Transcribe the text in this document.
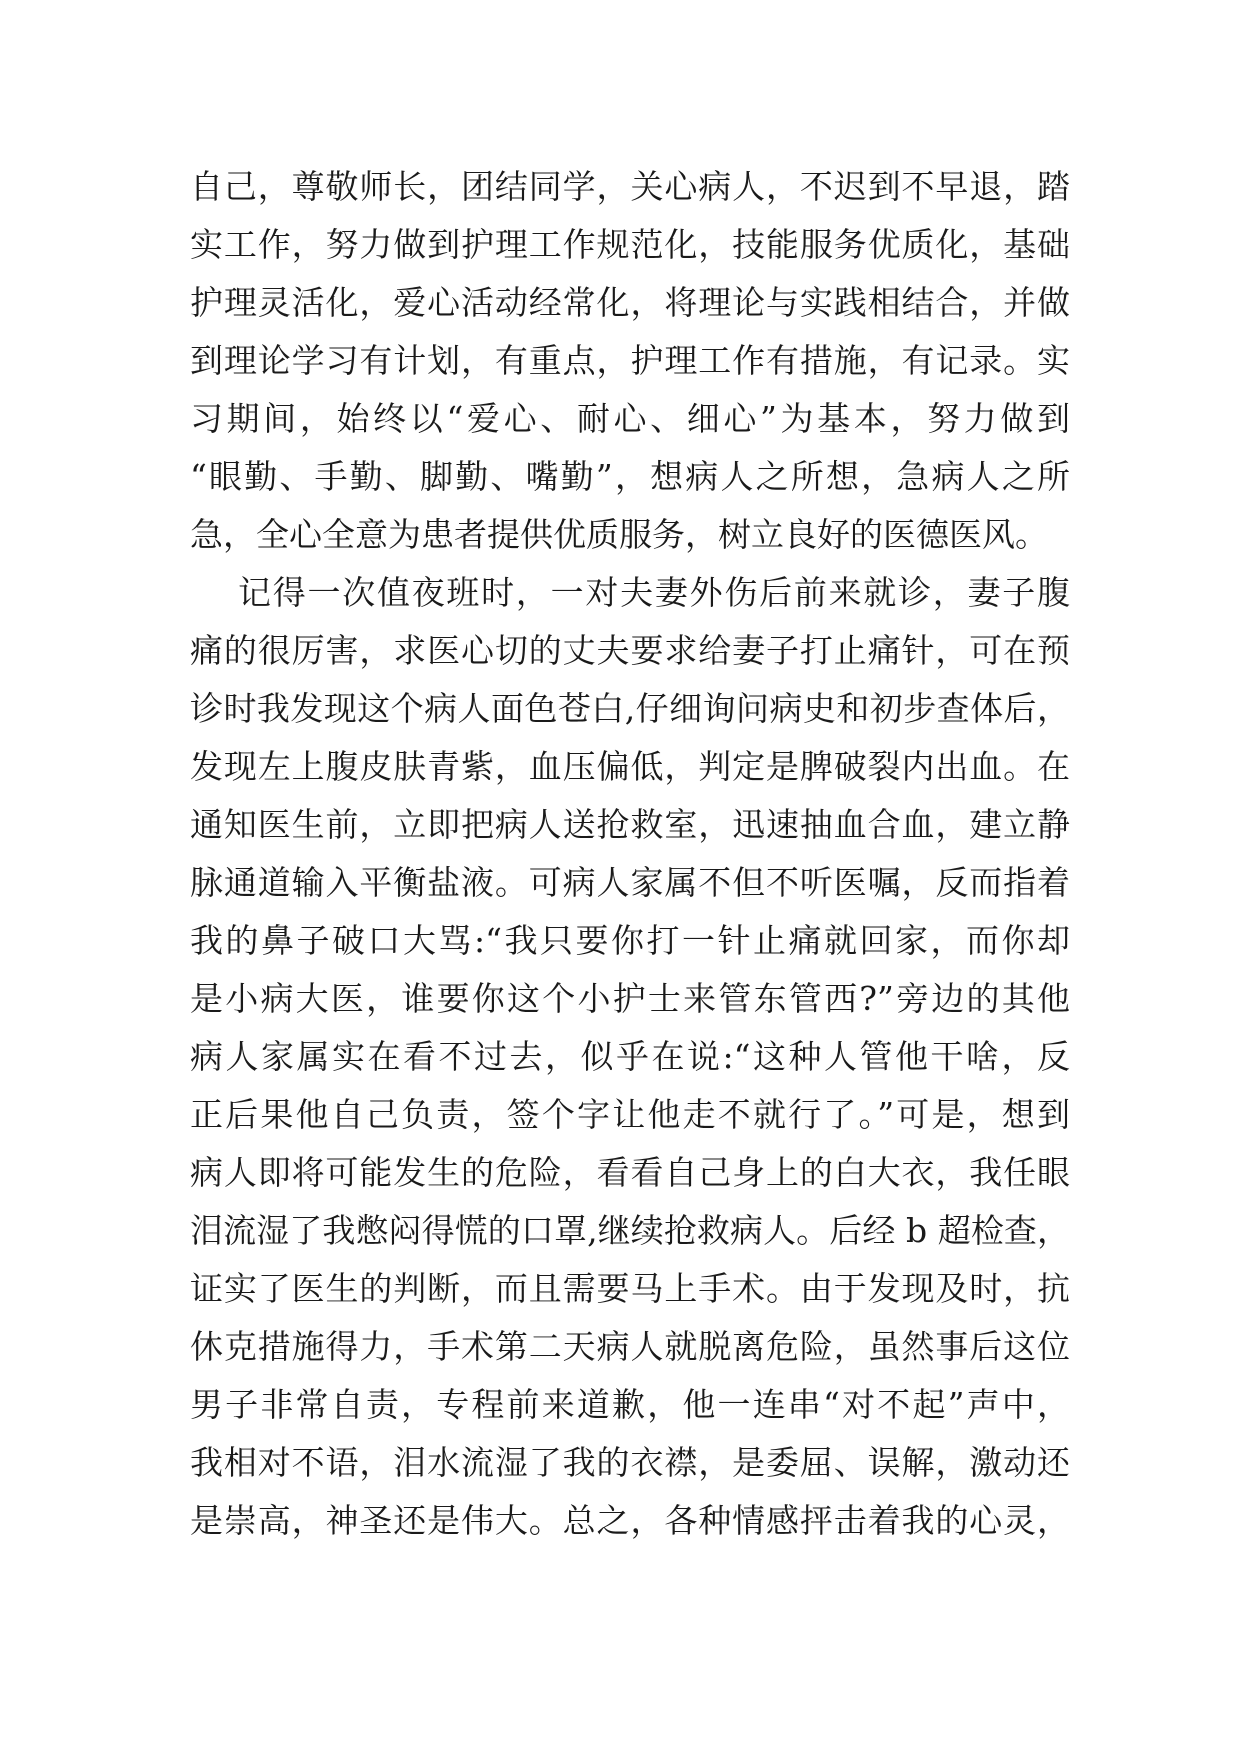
自己，尊敬师长，团结同学，关心病人，不迟到不早退，踏
实工作，努力做到护理工作规范化，技能服务优质化，基础
护理灵活化，爱心活动经常化，将理论与实践相结合，并做
到理论学习有计划，有重点，护理工作有措施，有记录。实
习期间，始终以“爱心、耐心、细心”为基本，努力做到
“眼勤、手勤、脚勤、嘴勤”，想病人之所想，急病人之所
急，全心全意为患者提供优质服务，树立良好的医德医风。
记得一次值夜班时，一对夫妻外伤后前来就诊，妻子腹
痛的很厉害，求医心切的丈夫要求给妻子打止痛针，可在预
诊时我发现这个病人面色苍白,仔细询问病史和初步查体后，
发现左上腹皮肤青紫，血压偏低，判定是脾破裂内出血。在
通知医生前，立即把病人送抢救室，迅速抽血合血，建立静
脉通道输入平衡盐液。可病人家属不但不听医嘱，反而指着
我的鼻子破口大骂:“我只要你打一针止痛就回家，而你却
是小病大医，谁要你这个小护士来管东管西?”旁边的其他
病人家属实在看不过去，似乎在说:“这种人管他干啥，反
正后果他自己负责，签个字让他走不就行了。”可是，想到
病人即将可能发生的危险，看看自己身上的白大衣，我任眼
泪流湿了我憋闷得慌的口罩,继续抢救病人。后经 b 超检查，
证实了医生的判断，而且需要马上手术。由于发现及时，抗
休克措施得力，手术第二天病人就脱离危险，虽然事后这位
男子非常自责，专程前来道歉，他一连串“对不起”声中，
我相对不语，泪水流湿了我的衣襟，是委屈、误解，激动还
是崇高，神圣还是伟大。总之，各种情感抨击着我的心灵，
